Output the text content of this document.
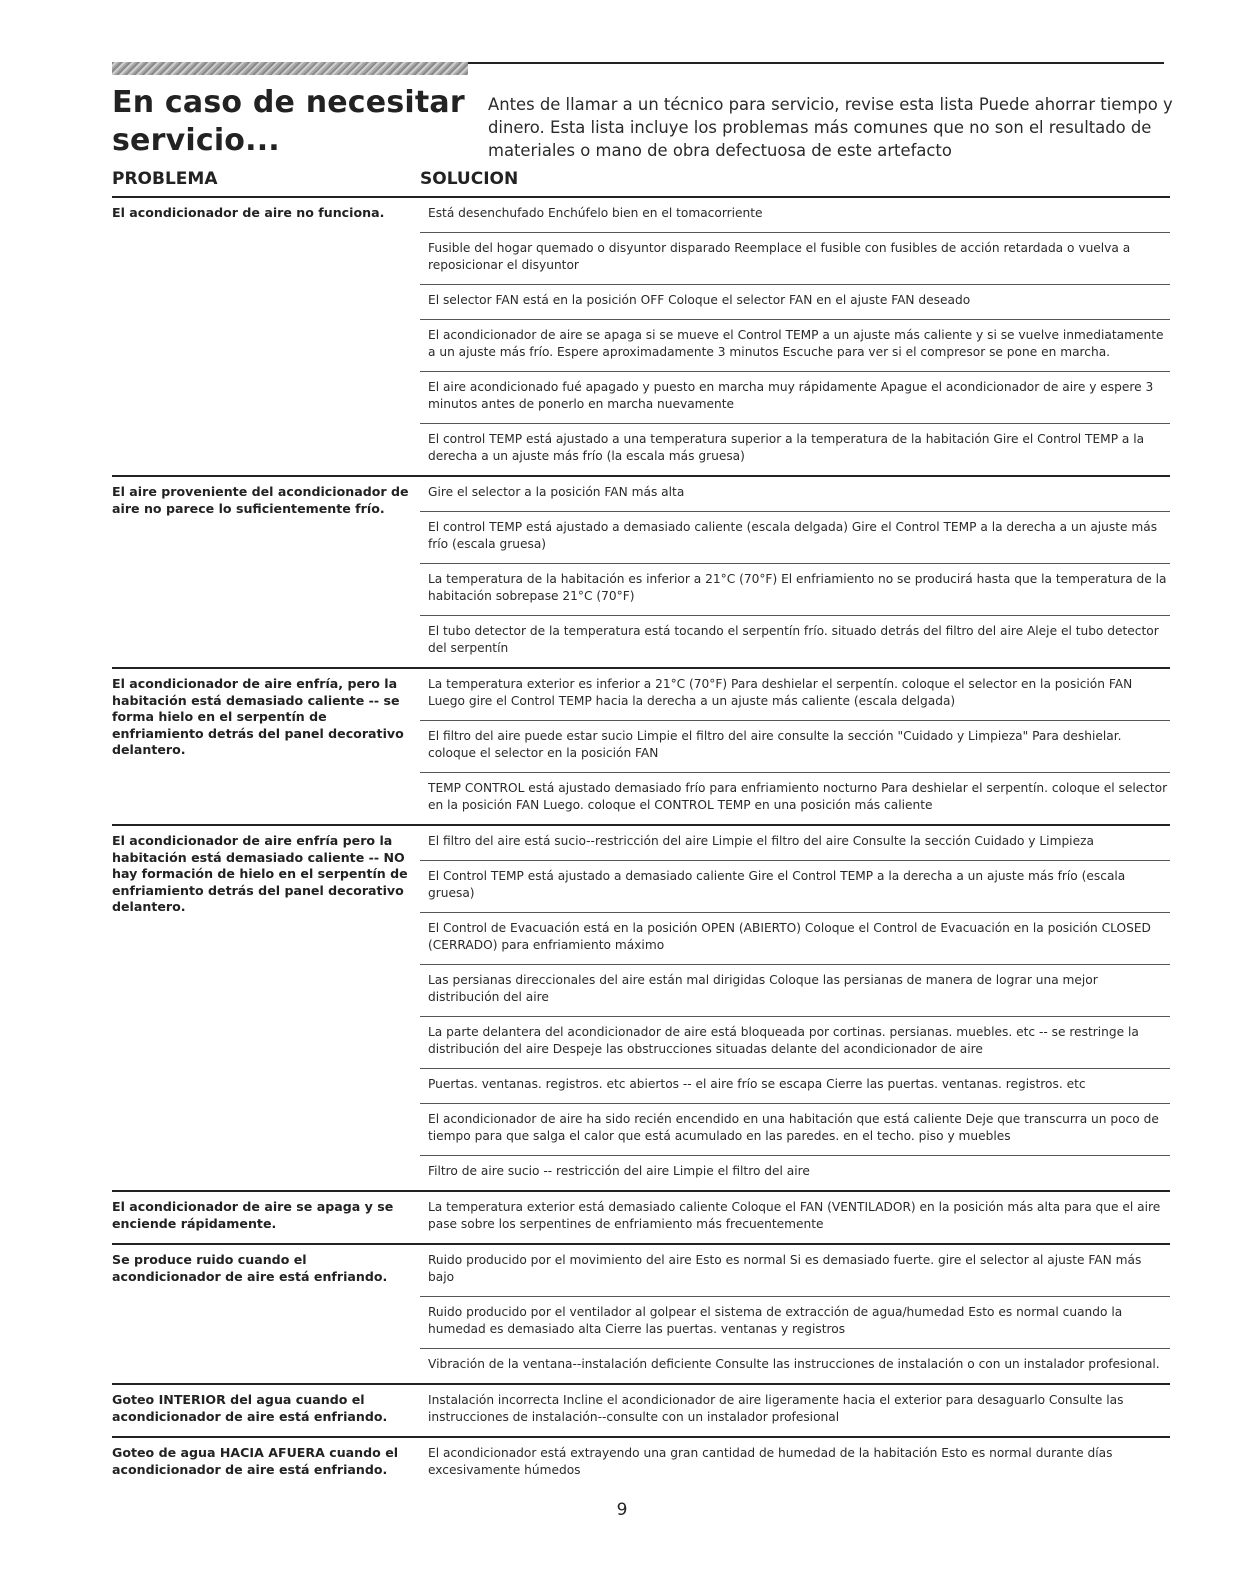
En caso de necesitar servicio...

Antes de llamar a un técnico para servicio, revise esta lista Puede ahorrar tiempo y dinero. Esta lista incluye los problemas más comunes que no son el resultado de materiales o mano de obra defectuosa de este artefacto

PROBLEMA	SOLUCION
El acondicionador de aire no funciona.	Está desenchufado Enchúfelo bien en el tomacorriente
Fusible del hogar quemado o disyuntor disparado Reemplace el fusible con fusibles de acción retardada o vuelva a reposicionar el disyuntor
El selector FAN está en la posición OFF Coloque el selector FAN en el ajuste FAN deseado
El acondicionador de aire se apaga si se mueve el Control TEMP a un ajuste más caliente y si se vuelve inmediatamente a un ajuste más frío. Espere aproximadamente 3 minutos Escuche para ver si el compresor se pone en marcha.
El aire acondicionado fué apagado y puesto en marcha muy rápidamente Apague el acondicionador de aire y espere 3 minutos antes de ponerlo en marcha nuevamente
El control TEMP está ajustado a una temperatura superior a la temperatura de la habitación Gire el Control TEMP a la derecha a un ajuste más frío (la escala más gruesa)
El aire proveniente del acondicionador de aire no parece lo suficientemente frío.
Gire el selector a la posición FAN más alta
El control TEMP está ajustado a demasiado caliente (escala delgada) Gire el Control TEMP a la derecha a un ajuste más frío (escala gruesa)
La temperatura de la habitación es inferior a 21°C (70°F) El enfriamiento no se producirá hasta que la temperatura de la habitación sobrepase 21°C (70°F)
El tubo detector de la temperatura está tocando el serpentín frío. situado detrás del filtro del aire Aleje el tubo detector del serpentín
El acondicionador de aire enfría, pero la habitación está demasiado caliente -- se forma hielo en el serpentín de enfriamiento detrás del panel decorativo delantero.
La temperatura exterior es inferior a 21°C (70°F) Para deshielar el serpentín. coloque el selector en la posición FAN Luego gire el Control TEMP hacia la derecha a un ajuste más caliente (escala delgada)
El filtro del aire puede estar sucio Limpie el filtro del aire consulte la sección "Cuidado y Limpieza" Para deshielar. coloque el selector en la posición FAN
TEMP CONTROL está ajustado demasiado frío para enfriamiento nocturno Para deshielar el serpentín. coloque el selector en la posición FAN Luego. coloque el CONTROL TEMP en una posición más caliente
El acondicionador de aire enfría pero la habitación está demasiado caliente -- NO hay formación de hielo en el serpentín de enfriamiento detrás del panel decorativo delantero.
El filtro del aire está sucio--restricción del aire Limpie el filtro del aire Consulte la sección Cuidado y Limpieza
El Control TEMP está ajustado a demasiado caliente Gire el Control TEMP a la derecha a un ajuste más frío (escala gruesa)
El Control de Evacuación está en la posición OPEN (ABIERTO) Coloque el Control de Evacuación en la posición CLOSED (CERRADO) para enfriamiento máximo
Las persianas direccionales del aire están mal dirigidas Coloque las persianas de manera de lograr una mejor distribución del aire
La parte delantera del acondicionador de aire está bloqueada por cortinas. persianas. muebles. etc -- se restringe la distribución del aire Despeje las obstrucciones situadas delante del acondicionador de aire
Puertas. ventanas. registros. etc abiertos -- el aire frío se escapa Cierre las puertas. ventanas. registros. etc
El acondicionador de aire ha sido recién encendido en una habitación que está caliente Deje que transcurra un poco de tiempo para que salga el calor que está acumulado en las paredes. en el techo. piso y muebles
Filtro de aire sucio -- restricción del aire Limpie el filtro del aire
El acondicionador de aire se apaga y se enciende rápidamente.
La temperatura exterior está demasiado caliente Coloque el FAN (VENTILADOR) en la posición más alta para que el aire pase sobre los serpentines de enfriamiento más frecuentemente
Se produce ruido cuando el acondicionador de aire está enfriando.
Ruido producido por el movimiento del aire Esto es normal Si es demasiado fuerte. gire el selector al ajuste FAN más bajo
Ruido producido por el ventilador al golpear el sistema de extracción de agua/humedad Esto es normal cuando la humedad es demasiado alta Cierre las puertas. ventanas y registros
Vibración de la ventana--instalación deficiente Consulte las instrucciones de instalación o con un instalador profesional.
Goteo INTERIOR del agua cuando el acondicionador de aire está enfriando.
Instalación incorrecta Incline el acondicionador de aire ligeramente hacia el exterior para desaguarlo Consulte las instrucciones de instalación--consulte con un instalador profesional
Goteo de agua HACIA AFUERA cuando el acondicionador de aire está enfriando.
El acondicionador está extrayendo una gran cantidad de humedad de la habitación Esto es normal durante días excesivamente húmedos
9
